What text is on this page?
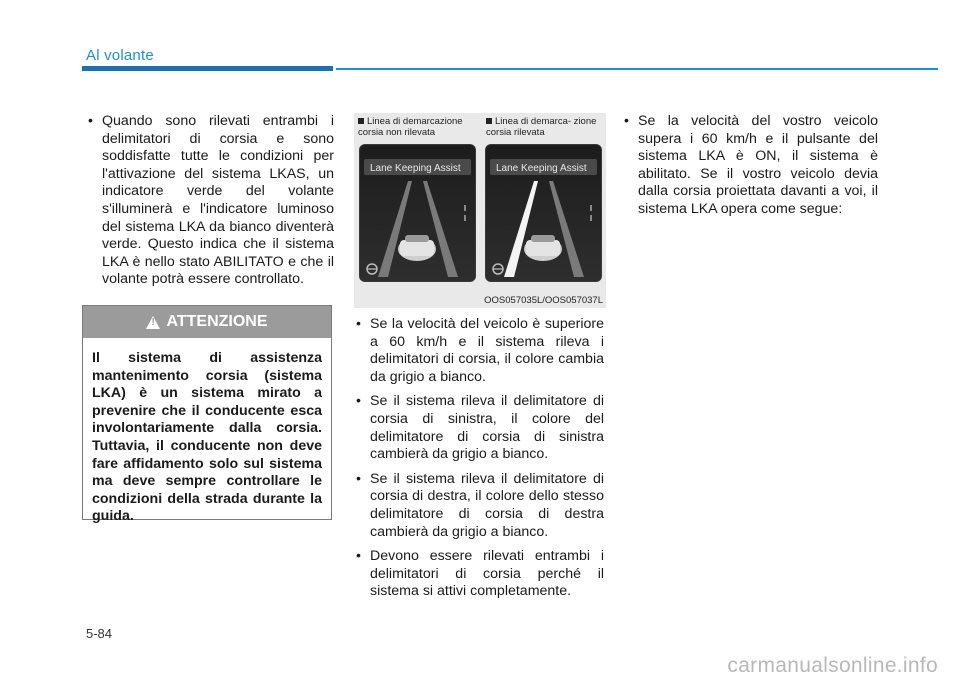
Al volante
• Quando sono rilevati entrambi i delimitatori di corsia e sono soddisfatte tutte le condizioni per l'attivazione del sistema LKAS, un indicatore verde del volante s'illuminerà e l'indicatore luminoso del sistema LKA da bianco diventerà verde. Questo indica che il sistema LKA è nello stato ABILITATO e che il volante potrà essere controllato.
!
ATTENZIONE
Il sistema di assistenza mantenimento corsia (sistema LKA) è un sistema mirato a prevenire che il conducente esca involontariamente dalla corsia. Tuttavia, il conducente non deve fare affidamento solo sul sistema ma deve sempre controllare le condizioni della strada durante la guida.
Linea di demarcazione corsia non rilevata
Linea di demarca- zione corsia rilevata
Lane Keeping Assist	Lane Keeping Assist
OOS057035L/OOS057037L
• Se la velocità del veicolo è superiore a 60 km/h e il sistema rileva i delimitatori di corsia, il colore cambia da grigio a bianco.
• Se il sistema rileva il delimitatore di corsia di sinistra, il colore del delimitatore di corsia di sinistra cambierà da grigio a bianco.
• Se il sistema rileva il delimitatore di corsia di destra, il colore dello stesso delimitatore di corsia di destra cambierà da grigio a bianco.
• Devono essere rilevati entrambi i delimitatori di corsia perché il sistema si attivi completamente.
• Se la velocità del vostro veicolo supera i 60 km/h e il pulsante del sistema LKA è ON, il sistema è abilitato. Se il vostro veicolo devia dalla corsia proiettata davanti a voi, il sistema LKA opera come segue:
5-84
carmanualsonline.info
